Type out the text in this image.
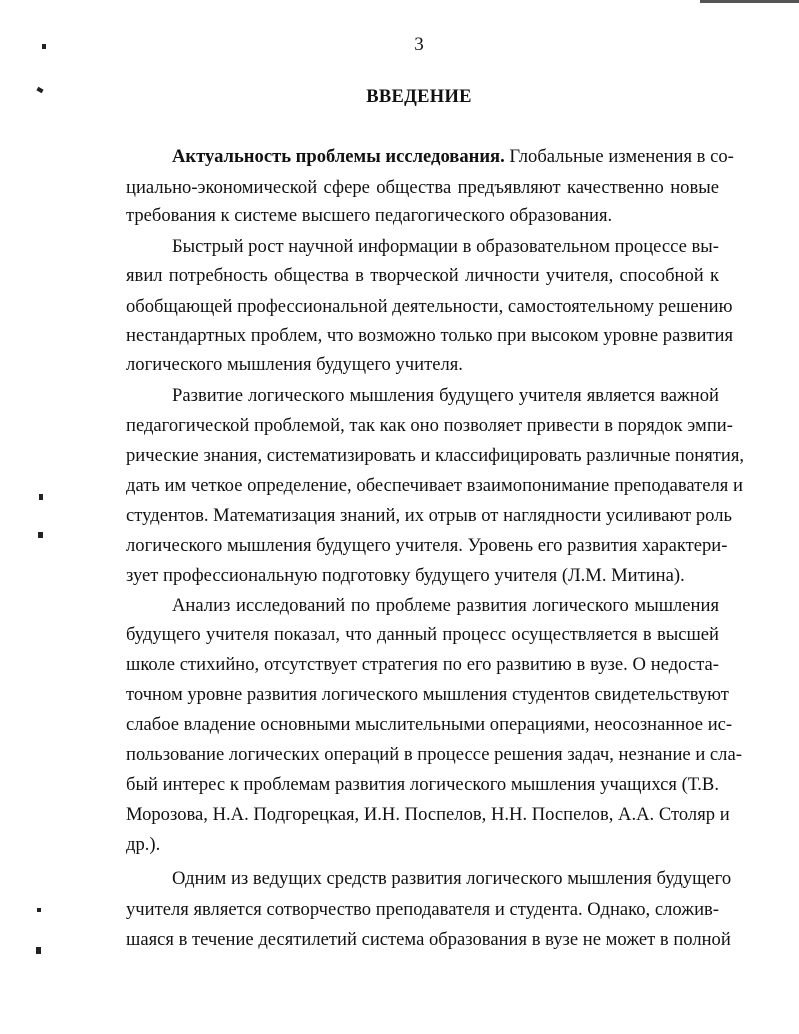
3
ВВЕДЕНИЕ
Актуальность проблемы исследования. Глобальные изменения в со-
циально-экономической сфере общества предъявляют качественно новые
требования к системе высшего педагогического образования.
Быстрый рост научной информации в образовательном процессе вы-
явил потребность общества в творческой личности учителя, способной к
обобщающей профессиональной деятельности, самостоятельному решению
нестандартных проблем, что возможно только при высоком уровне развития
логического мышления будущего учителя.
Развитие логического мышления будущего учителя является важной
педагогической проблемой, так как оно позволяет привести в порядок эмпи-
рические знания, систематизировать и классифицировать различные понятия,
дать им четкое определение, обеспечивает взаимопонимание преподавателя и
студентов. Математизация знаний, их отрыв от наглядности усиливают роль
логического мышления будущего учителя. Уровень его развития характери-
зует профессиональную подготовку будущего учителя (Л.М. Митина).
Анализ исследований по проблеме развития логического мышления
будущего учителя показал, что данный процесс осуществляется в высшей
школе стихийно, отсутствует стратегия по его развитию в вузе. О недоста-
точном уровне развития логического мышления студентов свидетельствуют
слабое владение основными мыслительными операциями, неосознанное ис-
пользование логических операций в процессе решения задач, незнание и сла-
бый интерес к проблемам развития логического мышления учащихся (Т.В.
Морозова, Н.А. Подгорецкая, И.Н. Поспелов, Н.Н. Поспелов, А.А. Столяр и
др.).
Одним из ведущих средств развития логического мышления будущего
учителя является сотворчество преподавателя и студента. Однако, сложив-
шаяся в течение десятилетий система образования в вузе не может в полной
